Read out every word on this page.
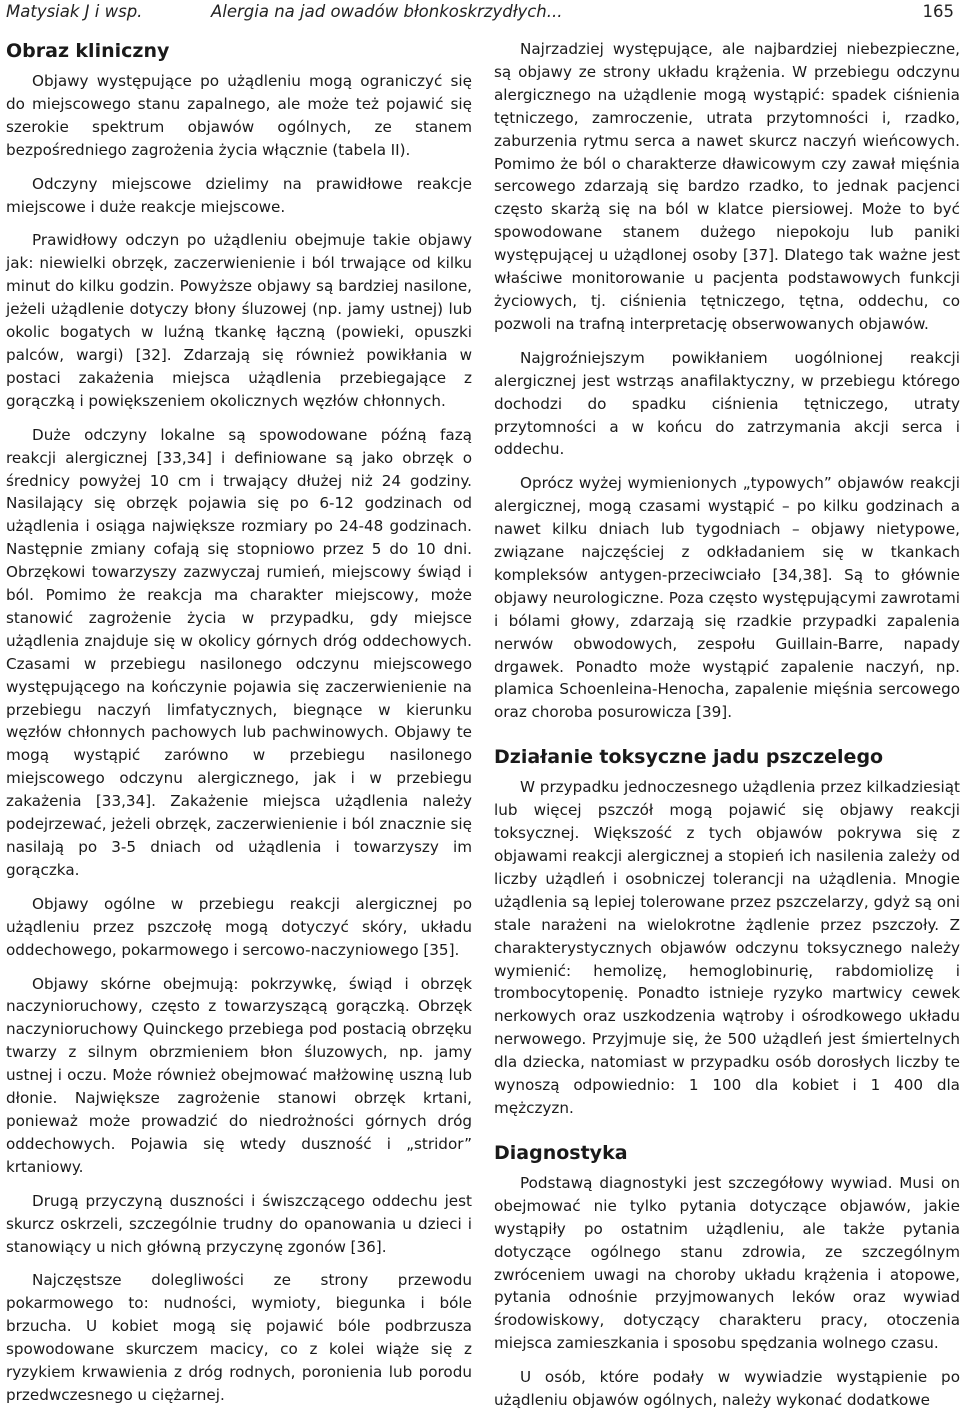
Matysiak J i wsp.	Alergia na jad owadów błonkoskrzydłych...	165
Obraz kliniczny

Objawy występujące po użądleniu mogą ograniczyć się do miejscowego stanu zapalnego, ale może też pojawić się szerokie spektrum objawów ogólnych, ze stanem bezpośredniego zagrożenia życia włącznie (tabela II).

Odczyny miejscowe dzielimy na prawidłowe reakcje miejscowe i duże reakcje miejscowe.

Prawidłowy odczyn po użądleniu obejmuje takie objawy jak: niewielki obrzęk, zaczerwienienie i ból trwające od kilku minut do kilku godzin. Powyższe objawy są bardziej nasilone, jeżeli użądlenie dotyczy błony śluzowej (np. jamy ustnej) lub okolic bogatych w luźną tkankę łączną (powieki, opuszki palców, wargi) [32]. Zdarzają się również powikłania w postaci zakażenia miejsca użądlenia przebiegające z gorączką i powiększeniem okolicznych węzłów chłonnych.

Duże odczyny lokalne są spowodowane późną fazą reakcji alergicznej [33,34] i definiowane są jako obrzęk o średnicy powyżej 10 cm i trwający dłużej niż 24 godziny. Nasilający się obrzęk pojawia się po 6-12 godzinach od użądlenia i osiąga największe rozmiary po 24-48 godzinach. Następnie zmiany cofają się stopniowo przez 5 do 10 dni. Obrzękowi towarzyszy zazwyczaj rumień, miejscowy świąd i ból. Pomimo że reakcja ma charakter miejscowy, może stanowić zagrożenie życia w przypadku, gdy miejsce użądlenia znajduje się w okolicy górnych dróg oddechowych. Czasami w przebiegu nasilonego odczynu miejscowego występującego na kończynie pojawia się zaczerwienienie na przebiegu naczyń limfatycznych, biegnące w kierunku węzłów chłonnych pachowych lub pachwinowych. Objawy te mogą wystąpić zarówno w przebiegu nasilonego miejscowego odczynu alergicznego, jak i w przebiegu zakażenia [33,34]. Zakażenie miejsca użądlenia należy podejrzewać, jeżeli obrzęk, zaczerwienienie i ból znacznie się nasilają po 3-5 dniach od użądlenia i towarzyszy im gorączka.

Objawy ogólne w przebiegu reakcji alergicznej po użądleniu przez pszczołę mogą dotyczyć skóry, układu oddechowego, pokarmowego i sercowo-naczyniowego [35].

Objawy skórne obejmują: pokrzywkę, świąd i obrzęk naczynioruchowy, często z towarzyszącą gorączką. Obrzęk naczynioruchowy Quinckego przebiega pod postacią obrzęku twarzy z silnym obrzmieniem błon śluzowych, np. jamy ustnej i oczu. Może również obejmować małżowinę uszną lub dłonie. Największe zagrożenie stanowi obrzęk krtani, ponieważ może prowadzić do niedrożności górnych dróg oddechowych. Pojawia się wtedy duszność i „stridor” krtaniowy.

Drugą przyczyną duszności i świszczącego oddechu jest skurcz oskrzeli, szczególnie trudny do opanowania u dzieci i stanowiący u nich główną przyczynę zgonów [36].

Najczęstsze dolegliwości ze strony przewodu pokarmowego to: nudności, wymioty, biegunka i bóle brzucha. U kobiet mogą się pojawić bóle podbrzusza spowodowane skurczem macicy, co z kolei wiąże się z ryzykiem krwawienia z dróg rodnych, poronienia lub porodu przedwczesnego u ciężarnej.

Najrzadziej występujące, ale najbardziej niebezpieczne, są objawy ze strony układu krążenia. W przebiegu odczynu alergicznego na użądlenie mogą wystąpić: spadek ciśnienia tętniczego, zamroczenie, utrata przytomności i, rzadko, zaburzenia rytmu serca a nawet skurcz naczyń wieńcowych. Pomimo że ból o charakterze dławicowym czy zawał mięśnia sercowego zdarzają się bardzo rzadko, to jednak pacjenci często skarżą się na ból w klatce piersiowej. Może to być spowodowane stanem dużego niepokoju lub paniki występującej u użądlonej osoby [37]. Dlatego tak ważne jest właściwe monitorowanie u pacjenta podstawowych funkcji życiowych, tj. ciśnienia tętniczego, tętna, oddechu, co pozwoli na trafną interpretację obserwowanych objawów.

Najgroźniejszym powikłaniem uogólnionej reakcji alergicznej jest wstrząs anafilaktyczny, w przebiegu którego dochodzi do spadku ciśnienia tętniczego, utraty przytomności a w końcu do zatrzymania akcji serca i oddechu.

Oprócz wyżej wymienionych „typowych” objawów reakcji alergicznej, mogą czasami wystąpić – po kilku godzinach a nawet kilku dniach lub tygodniach – objawy nietypowe, związane najczęściej z odkładaniem się w tkankach kompleksów antygen-przeciwciało [34,38]. Są to głównie objawy neurologiczne. Poza często występującymi zawrotami i bólami głowy, zdarzają się rzadkie przypadki zapalenia nerwów obwodowych, zespołu Guillain-Barre, napady drgawek. Ponadto może wystąpić zapalenie naczyń, np. plamica Schoenleina-Henocha, zapalenie mięśnia sercowego oraz choroba posurowicza [39].

Działanie toksyczne jadu pszczelego

W przypadku jednoczesnego użądlenia przez kilkadziesiąt lub więcej pszczół mogą pojawić się objawy reakcji toksycznej. Większość z tych objawów pokrywa się z objawami reakcji alergicznej a stopień ich nasilenia zależy od liczby użądleń i osobniczej tolerancji na użądlenia. Mnogie użądlenia są lepiej tolerowane przez pszczelarzy, gdyż są oni stale narażeni na wielokrotne żądlenie przez pszczoły. Z charakterystycznych objawów odczynu toksycznego należy wymienić: hemolizę, hemoglobinurię, rabdomiolizę i trombocytopenię. Ponadto istnieje ryzyko martwicy cewek nerkowych oraz uszkodzenia wątroby i ośrodkowego układu nerwowego. Przyjmuje się, że 500 użądleń jest śmiertelnych dla dziecka, natomiast w przypadku osób dorosłych liczby te wynoszą odpowiednio: 1 100 dla kobiet i 1 400 dla mężczyzn.

Diagnostyka

Podstawą diagnostyki jest szczegółowy wywiad. Musi on obejmować nie tylko pytania dotyczące objawów, jakie wystąpiły po ostatnim użądleniu, ale także pytania dotyczące ogólnego stanu zdrowia, ze szczególnym zwróceniem uwagi na choroby układu krążenia i atopowe, pytania odnośnie przyjmowanych leków oraz wywiad środowiskowy, dotyczący charakteru pracy, otoczenia miejsca zamieszkania i sposobu spędzania wolnego czasu.

U osób, które podały w wywiadzie wystąpienie po użądleniu objawów ogólnych, należy wykonać dodatkowe
